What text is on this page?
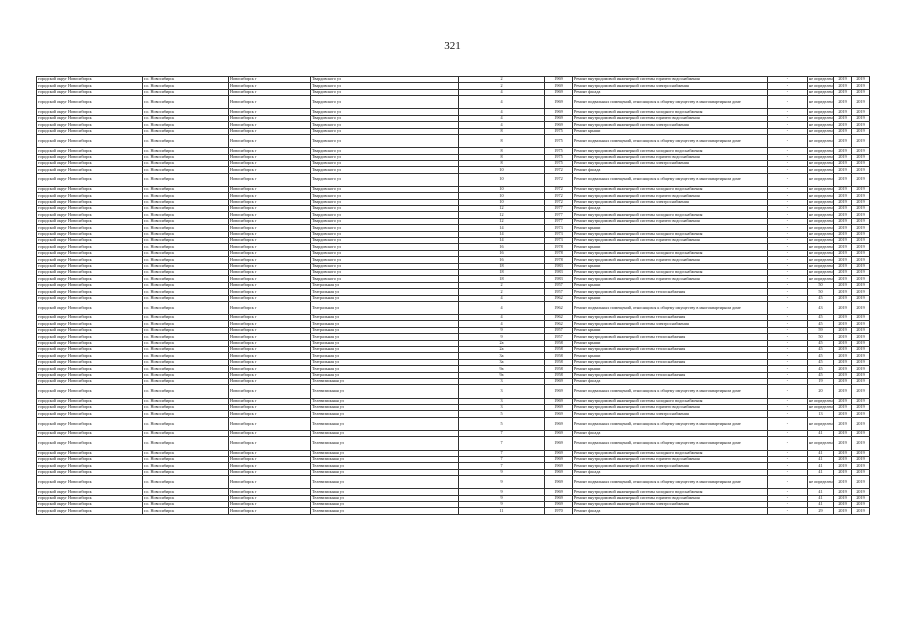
321
городской округ Новосибирск	г.о. Новосибирск	Новосибирск г	Твардовского ул	2	1969	Ремонт внутридомовой инженерной системы горячего водоснабжения	-	не определен	2019	2019
городской округ Новосибирск	г.о. Новосибирск	Новосибирск г	Твардовского ул	2	1969	Ремонт внутридомовой инженерной системы электроснабжения	-	не определен	2019	2019
городской округ Новосибирск	г.о. Новосибирск	Новосибирск г	Твардовского ул	4	1969	Ремонт фасада	-	не определен	2019	2019
городской округ Новосибирск	г.о. Новосибирск	Новосибирск г	Твардовского ул	4	1969	Ремонт подвальных помещений, относящихся к общему имуществу в многоквартирном доме	-	не определен	2019	2019
городской округ Новосибирск	г.о. Новосибирск	Новосибирск г	Твардовского ул	4	1969	Ремонт внутридомовой инженерной системы холодного водоснабжения	-	не определен	2019	2019
городской округ Новосибирск	г.о. Новосибирск	Новосибирск г	Твардовского ул	4	1969	Ремонт внутридомовой инженерной системы горячего водоснабжения	-	не определен	2019	2019
городской округ Новосибирск	г.о. Новосибирск	Новосибирск г	Твардовского ул	4	1969	Ремонт внутридомовой инженерной системы электроснабжения	-	не определен	2019	2019
городской округ Новосибирск	г.о. Новосибирск	Новосибирск г	Твардовского ул	8	1975	Ремонт крыши	-	не определен	2019	2019
городской округ Новосибирск	г.о. Новосибирск	Новосибирск г	Твардовского ул	8	1975	Ремонт подвальных помещений, относящихся к общему имуществу в многоквартирном доме	-	не определен	2019	2019
городской округ Новосибирск	г.о. Новосибирск	Новосибирск г	Твардовского ул	8	1975	Ремонт внутридомовой инженерной системы холодного водоснабжения	-	не определен	2019	2019
городской округ Новосибирск	г.о. Новосибирск	Новосибирск г	Твардовского ул	8	1975	Ремонт внутридомовой инженерной системы горячего водоснабжения	-	не определен	2019	2019
городской округ Новосибирск	г.о. Новосибирск	Новосибирск г	Твардовского ул	8	1975	Ремонт внутридомовой инженерной системы электроснабжения	-	не определен	2019	2019
городской округ Новосибирск	г.о. Новосибирск	Новосибирск г	Твардовского ул	10	1972	Ремонт фасада	-	не определен	2019	2019
городской округ Новосибирск	г.о. Новосибирск	Новосибирск г	Твардовского ул	10	1972	Ремонт подвальных помещений, относящихся к общему имуществу в многоквартирном доме	-	не определен	2019	2019
городской округ Новосибирск	г.о. Новосибирск	Новосибирск г	Твардовского ул	10	1972	Ремонт внутридомовой инженерной системы холодного водоснабжения	-	не определен	2019	2019
городской округ Новосибирск	г.о. Новосибирск	Новосибирск г	Твардовского ул	10	1972	Ремонт внутридомовой инженерной системы горячего водоснабжения	-	не определен	2019	2019
городской округ Новосибирск	г.о. Новосибирск	Новосибирск г	Твардовского ул	10	1972	Ремонт внутридомовой инженерной системы электроснабжения	-	не определен	2019	2019
городской округ Новосибирск	г.о. Новосибирск	Новосибирск г	Твардовского ул	12	1977	Ремонт фасада	-	не определен	2019	2019
городской округ Новосибирск	г.о. Новосибирск	Новосибирск г	Твардовского ул	12	1977	Ремонт внутридомовой инженерной системы холодного водоснабжения	-	не определен	2019	2019
городской округ Новосибирск	г.о. Новосибирск	Новосибирск г	Твардовского ул	12	1977	Ремонт внутридомовой инженерной системы горячего водоснабжения	-	не определен	2019	2019
городской округ Новосибирск	г.о. Новосибирск	Новосибирск г	Твардовского ул	14	1973	Ремонт крыши	-	не определен	2019	2019
городской округ Новосибирск	г.о. Новосибирск	Новосибирск г	Твардовского ул	14	1973	Ремонт внутридомовой инженерной системы холодного водоснабжения	-	не определен	2019	2019
городской округ Новосибирск	г.о. Новосибирск	Новосибирск г	Твардовского ул	14	1973	Ремонт внутридомовой инженерной системы горячего водоснабжения	-	не определен	2019	2019
городской округ Новосибирск	г.о. Новосибирск	Новосибирск г	Твардовского ул	16	1978	Ремонт крыши	-	не определен	2019	2019
городской округ Новосибирск	г.о. Новосибирск	Новосибирск г	Твардовского ул	16	1978	Ремонт внутридомовой инженерной системы холодного водоснабжения	-	не определен	2019	2019
городской округ Новосибирск	г.о. Новосибирск	Новосибирск г	Твардовского ул	16	1978	Ремонт внутридомовой инженерной системы горячего водоснабжения	-	не определен	2019	2019
городской округ Новосибирск	г.о. Новосибирск	Новосибирск г	Твардовского ул	18	1983	Ремонт крыши	-	не определен	2019	2019
городской округ Новосибирск	г.о. Новосибирск	Новосибирск г	Твардовского ул	18	1983	Ремонт внутридомовой инженерной системы холодного водоснабжения	-	не определен	2019	2019
городской округ Новосибирск	г.о. Новосибирск	Новосибирск г	Твардовского ул	18	1983	Ремонт внутридомовой инженерной системы горячего водоснабжения	-	не определен	2019	2019
городской округ Новосибирск	г.о. Новосибирск	Новосибирск г	Театральная ул	2	1957	Ремонт крыши	-	50	2019	2019
городской округ Новосибирск	г.о. Новосибирск	Новосибирск г	Театральная ул	2	1957	Ремонт внутридомовой инженерной системы теплоснабжения	-	50	2019	2019
городской округ Новосибирск	г.о. Новосибирск	Новосибирск г	Театральная ул	4	1962	Ремонт крыши	-	45	2019	2019
городской округ Новосибирск	г.о. Новосибирск	Новосибирск г	Театральная ул	4	1962	Ремонт подвальных помещений, относящихся к общему имуществу в многоквартирном доме	-	43	2019	2019
городской округ Новосибирск	г.о. Новосибирск	Новосибирск г	Театральная ул	4	1962	Ремонт внутридомовой инженерной системы теплоснабжения	-	45	2019	2019
городской округ Новосибирск	г.о. Новосибирск	Новосибирск г	Театральная ул	4	1962	Ремонт внутридомовой инженерной системы электроснабжения	-	45	2019	2019
городской округ Новосибирск	г.о. Новосибирск	Новосибирск г	Театральная ул	9	1957	Ремонт крыши	-	59	2019	2019
городской округ Новосибирск	г.о. Новосибирск	Новосибирск г	Театральная ул	9	1957	Ремонт внутридомовой инженерной системы теплоснабжения	-	50	2019	2019
городской округ Новосибирск	г.о. Новосибирск	Новосибирск г	Театральная ул	2а	1958	Ремонт крыши	-	45	2019	2019
городской округ Новосибирск	г.о. Новосибирск	Новосибирск г	Театральная ул	2а	1958	Ремонт внутридомовой инженерной системы теплоснабжения	-	45	2019	2019
городской округ Новосибирск	г.о. Новосибирск	Новосибирск г	Театральная ул	3а	1958	Ремонт крыши	-	45	2019	2019
городской округ Новосибирск	г.о. Новосибирск	Новосибирск г	Театральная ул	3а	1958	Ремонт внутридомовой инженерной системы теплоснабжения	-	45	2019	2019
городской округ Новосибирск	г.о. Новосибирск	Новосибирск г	Театральная ул	9а	1958	Ремонт крыши	-	45	2019	2019
городской округ Новосибирск	г.о. Новосибирск	Новосибирск г	Театральная ул	9а	1958	Ремонт внутридомовой инженерной системы теплоснабжения	-	45	2019	2019
городской округ Новосибирск	г.о. Новосибирск	Новосибирск г	Телевизионная ул	3	1969	Ремонт фасада	-	19	2019	2019
городской округ Новосибирск	г.о. Новосибирск	Новосибирск г	Телевизионная ул	3	1969	Ремонт подвальных помещений, относящихся к общему имуществу в многоквартирном доме	-	20	2019	2019
городской округ Новосибирск	г.о. Новосибирск	Новосибирск г	Телевизионная ул	3	1969	Ремонт внутридомовой инженерной системы холодного водоснабжения	-	не определен	2019	2019
городской округ Новосибирск	г.о. Новосибирск	Новосибирск г	Телевизионная ул	3	1969	Ремонт внутридомовой инженерной системы горячего водоснабжения	-	не определен	2019	2019
городской округ Новосибирск	г.о. Новосибирск	Новосибирск г	Телевизионная ул	5	1969	Ремонт внутридомовой инженерной системы электроснабжения	-	13	2019	2019
городской округ Новосибирск	г.о. Новосибирск	Новосибирск г	Телевизионная ул	5	1969	Ремонт подвальных помещений, относящихся к общему имуществу в многоквартирном доме	-	не определен	2019	2019
городской округ Новосибирск	г.о. Новосибирск	Новосибирск г	Телевизионная ул	7	1969	Ремонт фасада	-	41	2019	2019
городской округ Новосибирск	г.о. Новосибирск	Новосибирск г	Телевизионная ул	7	1969	Ремонт подвальных помещений, относящихся к общему имуществу в многоквартирном доме	-	не определен	2019	2019
городской округ Новосибирск	г.о. Новосибирск	Новосибирск г	Телевизионная ул	7	1969	Ремонт внутридомовой инженерной системы холодного водоснабжения	-	41	2019	2019
городской округ Новосибирск	г.о. Новосибирск	Новосибирск г	Телевизионная ул	7	1969	Ремонт внутридомовой инженерной системы горячего водоснабжения	-	41	2019	2019
городской округ Новосибирск	г.о. Новосибирск	Новосибирск г	Телевизионная ул	7	1969	Ремонт внутридомовой инженерной системы электроснабжения	-	41	2019	2019
городской округ Новосибирск	г.о. Новосибирск	Новосибирск г	Телевизионная ул	9	1969	Ремонт фасада	-	41	2019	2019
городской округ Новосибирск	г.о. Новосибирск	Новосибирск г	Телевизионная ул	9	1969	Ремонт подвальных помещений, относящихся к общему имуществу в многоквартирном доме	-	не определен	2019	2019
городской округ Новосибирск	г.о. Новосибирск	Новосибирск г	Телевизионная ул	9	1969	Ремонт внутридомовой инженерной системы холодного водоснабжения	-	41	2019	2019
городской округ Новосибирск	г.о. Новосибирск	Новосибирск г	Телевизионная ул	9	1969	Ремонт внутридомовой инженерной системы горячего водоснабжения	-	41	2019	2019
городской округ Новосибирск	г.о. Новосибирск	Новосибирск г	Телевизионная ул	9	1969	Ремонт внутридомовой инженерной системы электроснабжения	-	41	2019	2019
городской округ Новосибирск	г.о. Новосибирск	Новосибирск г	Телевизионная ул	11	1970	Ремонт фасада	-	29	2019	2019
